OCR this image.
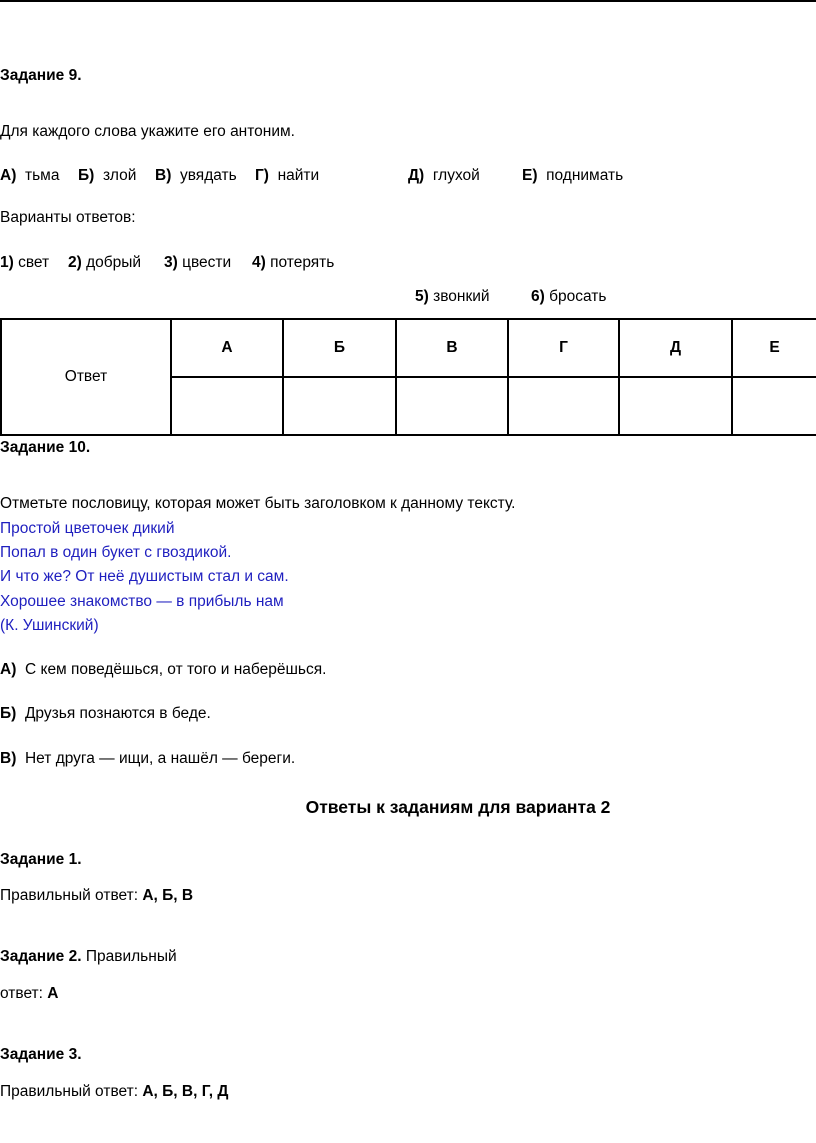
Задание 9.
Для каждого слова укажите его антоним.
А) тьма Б) злой В) увядать Г) найти	Д) глухой	Е) поднимать
Варианты ответов:
1) свет 2) добрый 3) цвести 4) потерять
5) звонкий	6) бросать
Ответ	А	Б	В	Г	Д	Е

Задание 10.
Отметьте пословицу, которая может быть заголовком к данному тексту.
Простой цветочек дикий
Попал в один букет с гвоздикой.
И что же? От неё душистым стал и сам.
Хорошее знакомство — в прибыль нам
(К. Ушинский)
А) С кем поведёшься, от того и наберёшься.
Б) Друзья познаются в беде.
В) Нет друга — ищи, а нашёл — береги.
Ответы к заданиям для варианта 2
Задание 1.
Правильный ответ: А, Б, В
Задание 2. Правильный
ответ: А
Задание 3.
Правильный ответ: А, Б, В, Г, Д
